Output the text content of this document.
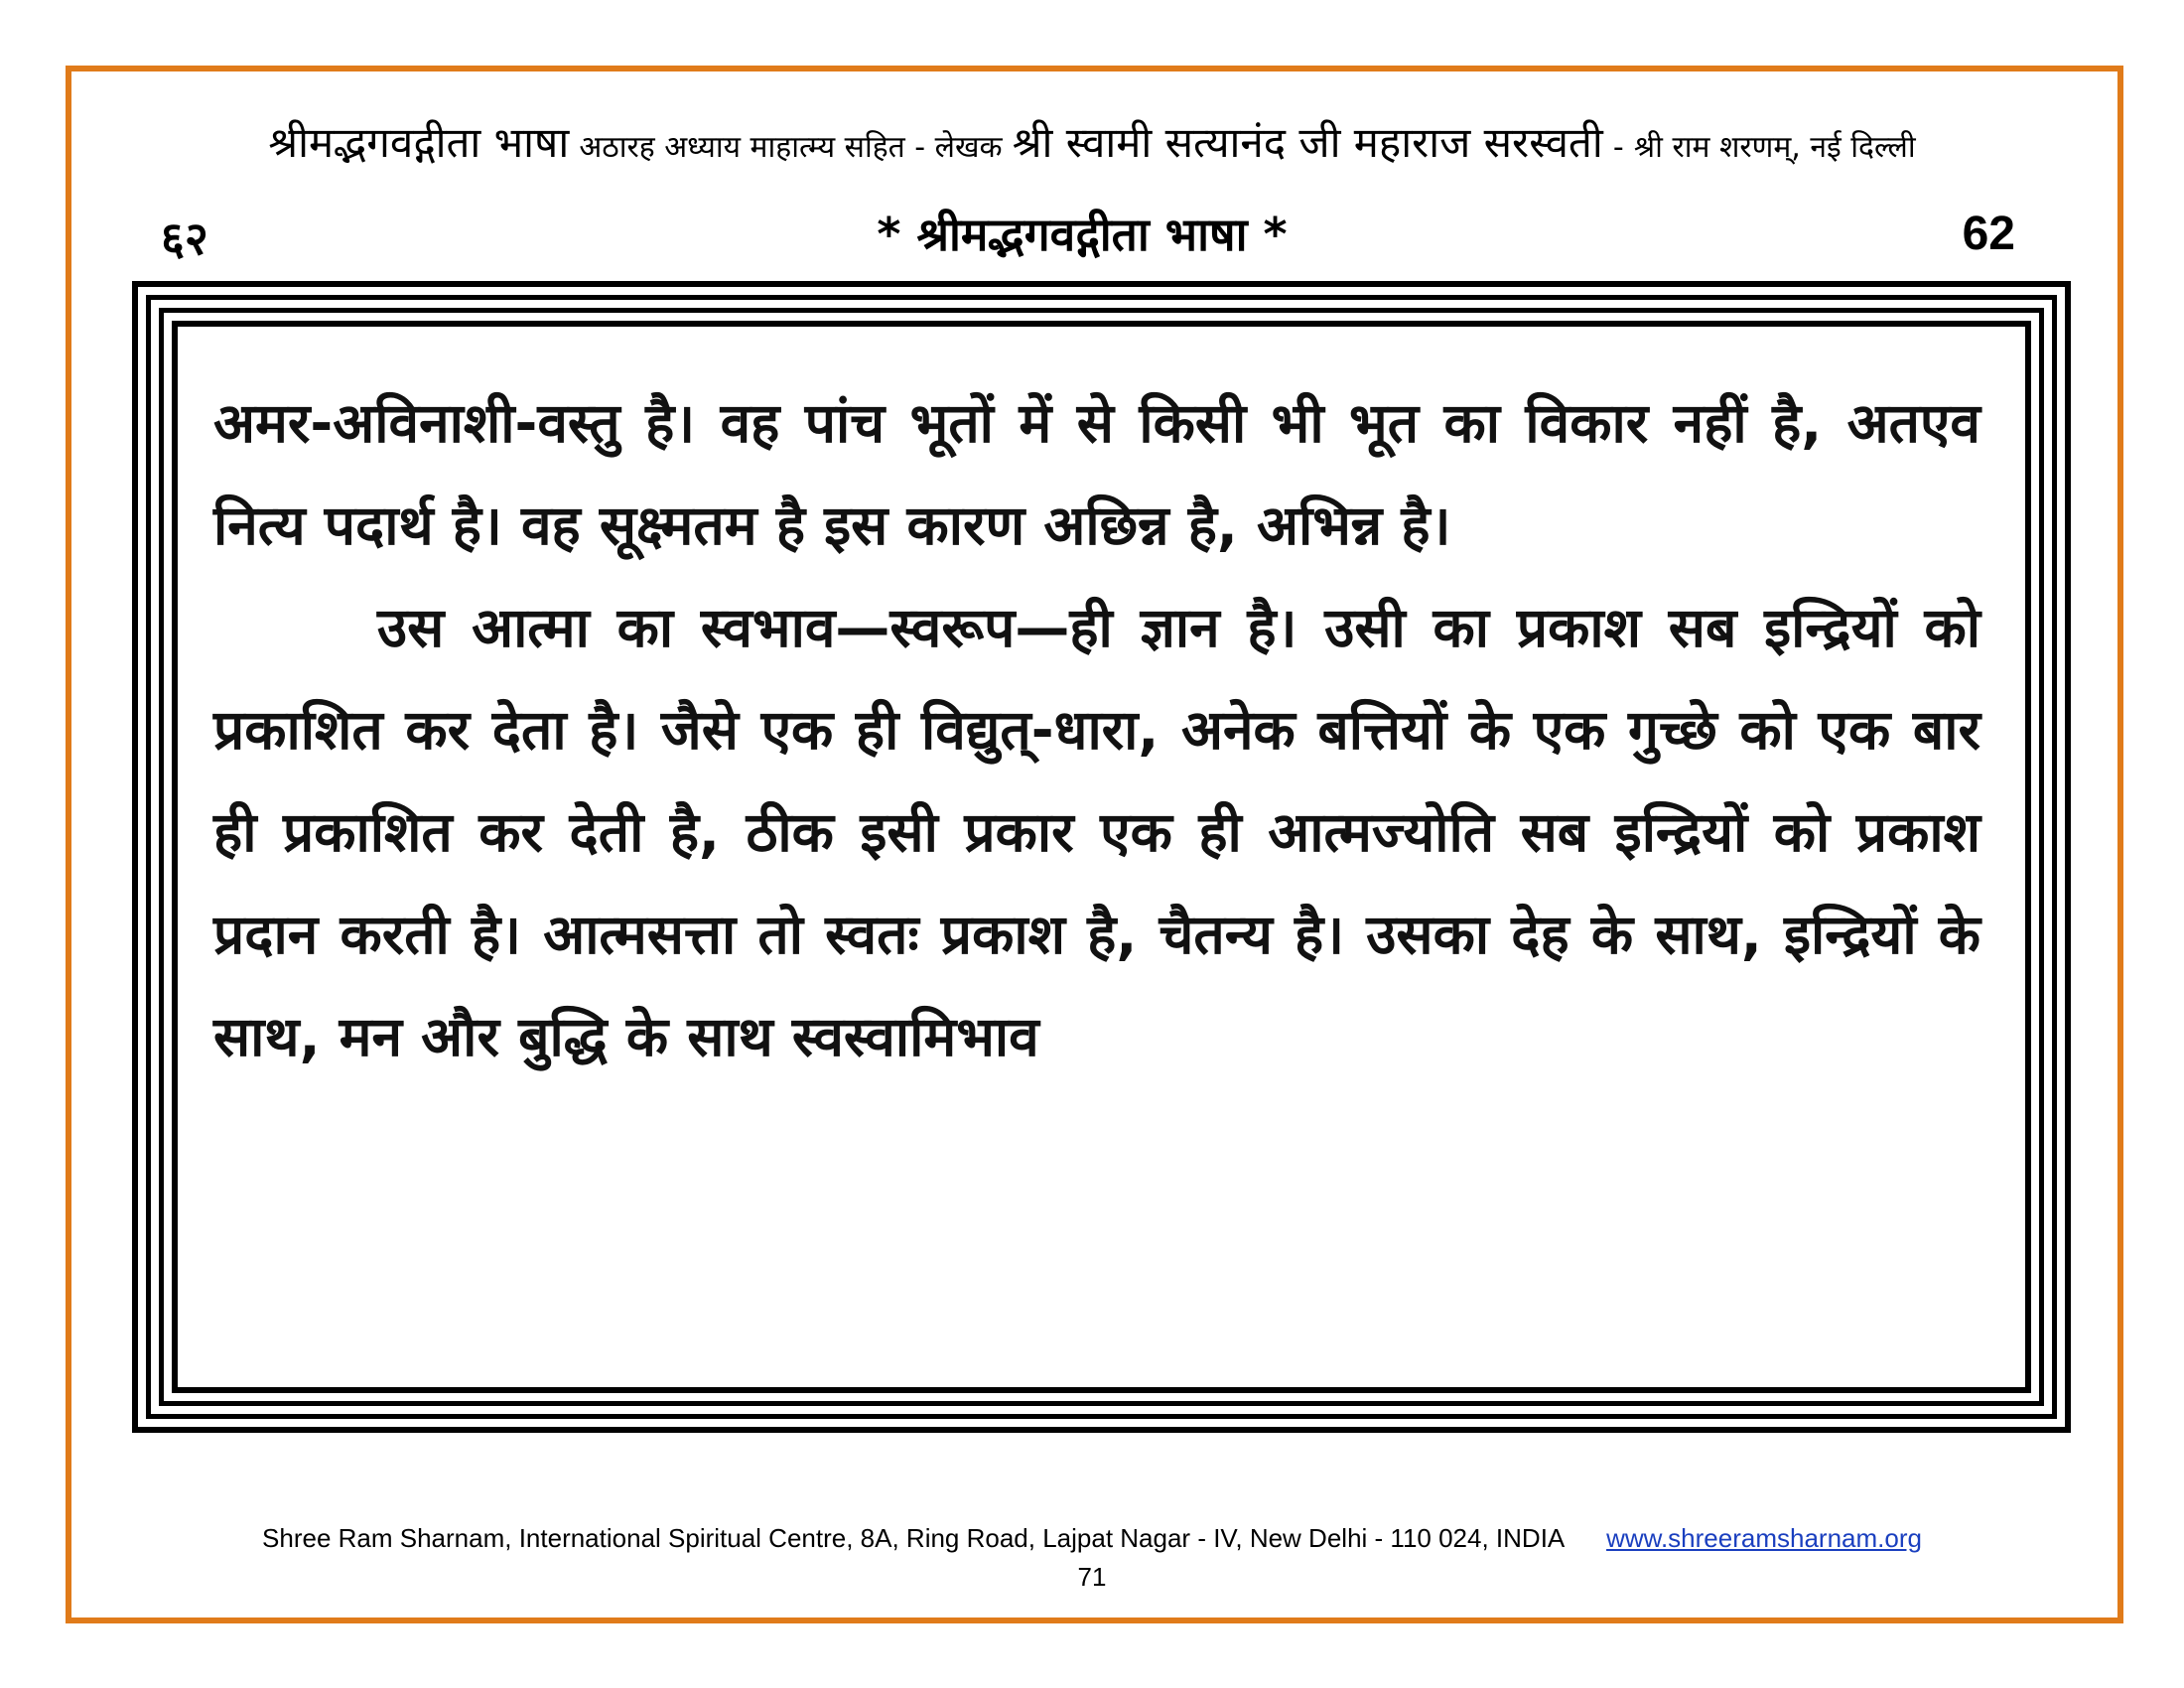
श्रीमद्भगवद्गीता भाषा अठारह अध्याय माहात्म्य सहित - लेखक श्री स्वामी सत्यानंद जी महाराज सरस्वती - श्री राम शरणम्, नई दिल्ली
६२	* श्रीमद्भगवद्गीता भाषा *	62

अमर-अविनाशी-वस्तु है। वह पांच भूतों में से किसी भी भूत का विकार नहीं है, अतएव नित्य पदार्थ है। वह सूक्ष्मतम है इस कारण अछिन्न है, अभिन्न है।

उस आत्मा का स्वभाव—स्वरूप—ही ज्ञान है। उसी का प्रकाश सब इन्द्रियों को प्रकाशित कर देता है। जैसे एक ही विद्युत्-धारा, अनेक बत्तियों के एक गुच्छे को एक बार ही प्रकाशित कर देती है, ठीक इसी प्रकार एक ही आत्मज्योति सब इन्द्रियों को प्रकाश प्रदान करती है। आत्मसत्ता तो स्वतः प्रकाश है, चैतन्य है। उसका देह के साथ, इन्द्रियों के साथ, मन और बुद्धि के साथ स्वस्वामिभाव

Shree Ram Sharnam, International Spiritual Centre, 8A, Ring Road, Lajpat Nagar - IV, New Delhi - 110 024, INDIA www.shreeramsharnam.org
71
